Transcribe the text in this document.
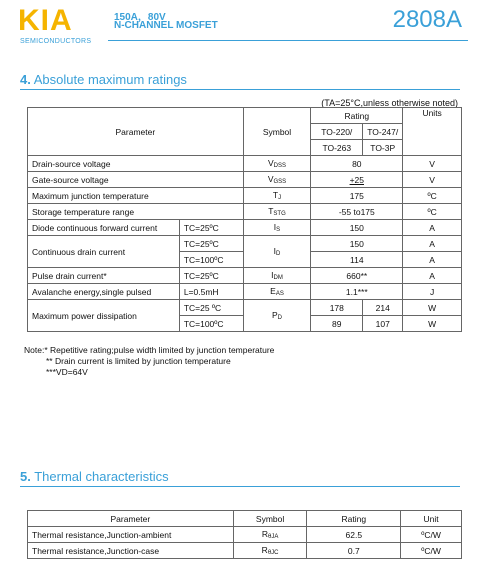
KIA
SEMICONDUCTORS
150A，80V
N-CHANNEL MOSFET	2808A
4. Absolute maximum ratings
(TA=25°C,unless otherwise noted)
Parameter		Symbol	Rating		Units
			TO-220/	TO-247/	
			TO-263	TO-3P	
Drain-source voltage		VDSS	80		V
Gate-source voltage		VGSS	+25		V
Maximum junction temperature		TJ	175		ºC
Storage temperature range		TSTG	-55 to175		ºC
Diode continuous forward current	TC=25ºC	IS	150		A
Continuous drain current	TC=25ºC	ID	150		A
	TC=100ºC		114		A
Pulse drain current*	TC=25ºC	IDM	660**		A
Avalanche energy,single pulsed	L=0.5mH	EAS	1.1***		J
Maximum power dissipation	TC=25 ºC	PD	178	214	W
	TC=100ºC		89	107	W
Note:* Repetitive rating;pulse width limited by junction temperature
** Drain current is limited by junction temperature
***VD=64V
5. Thermal characteristics
Parameter	Symbol	Rating	Unit
Thermal resistance,Junction-ambient	RθJA	62.5	ºC/W
Thermal resistance,Junction-case	RθJC	0.7	ºC/W
